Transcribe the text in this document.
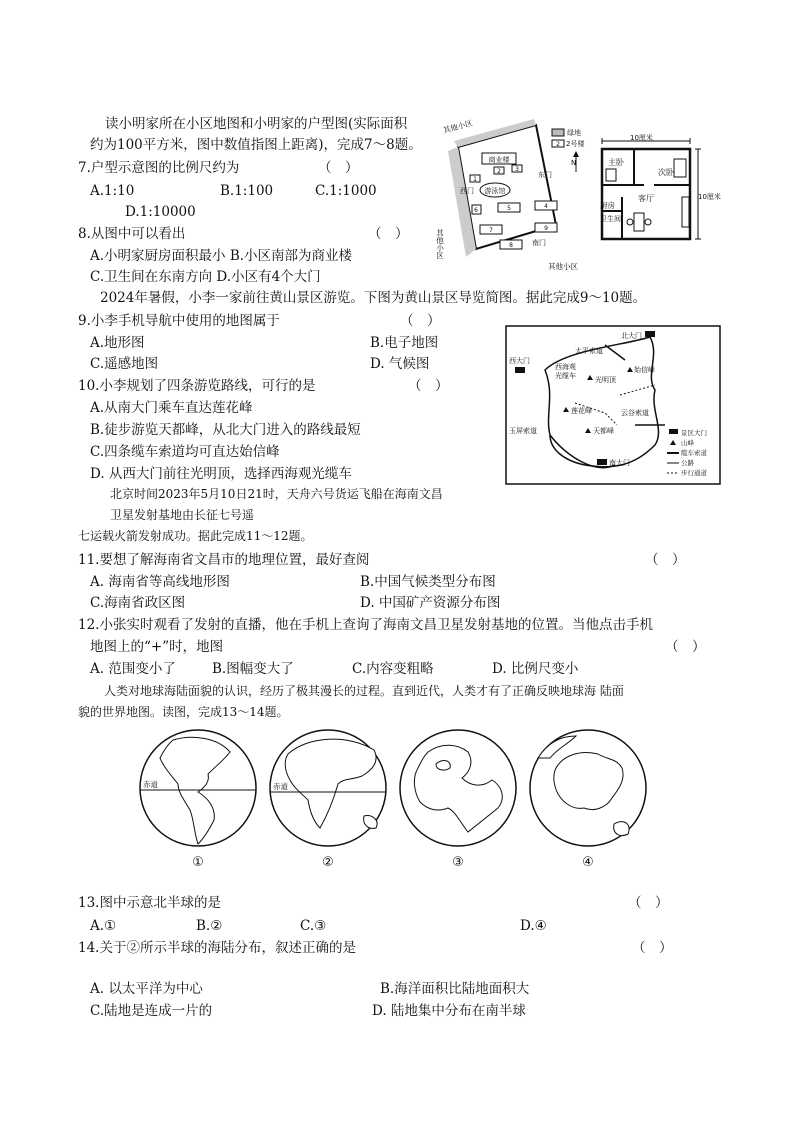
读小明家所在小区地图和小明家的户型图(实际面积
约为100平方米，图中数值指图上距离)，完成7～8题。
7.户型示意图的比例尺约为	（　）
A.1:10	B.1:100	C.1:1000
D.1:10000
8.从图中可以看出	（　）
A.小明家厨房面积最小 B.小区南部为商业楼
C.卫生间在东南方向 D.小区有4个大门
商业楼
1
2 3
游泳馆
4
5
6
7
8
9
其他小区
东门
西门
南门
其他小区
其他小区
绿地
2 2号楼
N
10厘米
10厘米
主卧
次卧
厨房
客厅
卫生间
2024年暑假，小李一家前往黄山景区游览。下图为黄山景区导览简图。据此完成9～10题。
9.小李手机导航中使用的地图属于	（　）
A.地形图	B.电子地图
C.遥感地图	D. 气候图
10.小李规划了四条游览路线，可行的是	（　）
A.从南大门乘车直达莲花峰
B.徒步游览天都峰，从北大门进入的路线最短
C.四条缆车索道均可直达始信峰
D. 从西大门前往光明顶，选择西海观光缆车
北大门
太平索道
西大门
西海观
光缆车	光明顶
始信峰
莲花峰
玉屏索道	天都峰
云谷索道
南大门
景区大门
山峰
缆车索道
公路
步行通道
北京时间2023年5月10日21时，天舟六号货运飞船在海南文昌
卫星发射基地由长征七号遥
七运载火箭发射成功。据此完成11～12题。
11.要想了解海南省文昌市的地理位置，最好查阅	（　）
A. 海南省等高线地形图	B.中国气候类型分布图
C.海南省政区图	D. 中国矿产资源分布图
12.小张实时观看了发射的直播，他在手机上查询了海南文昌卫星发射基地的位置。当他点击手机
地图上的“+”时，地图	（　）
A. 范围变小了	B.图幅变大了	C.内容变粗略	D. 比例尺变小
人类对地球海陆面貌的认识，经历了极其漫长的过程。直到近代，人类才有了正确反映地球海 陆面
貌的世界地图。读图，完成13～14题。
赤道	赤道
①	②	③	④
13.图中示意北半球的是	（　）
A.①	B.②	C.③	D.④
14.关于②所示半球的海陆分布，叙述正确的是	（　）
A. 以太平洋为中心	B.海洋面积比陆地面积大
C.陆地是连成一片的	D. 陆地集中分布在南半球
